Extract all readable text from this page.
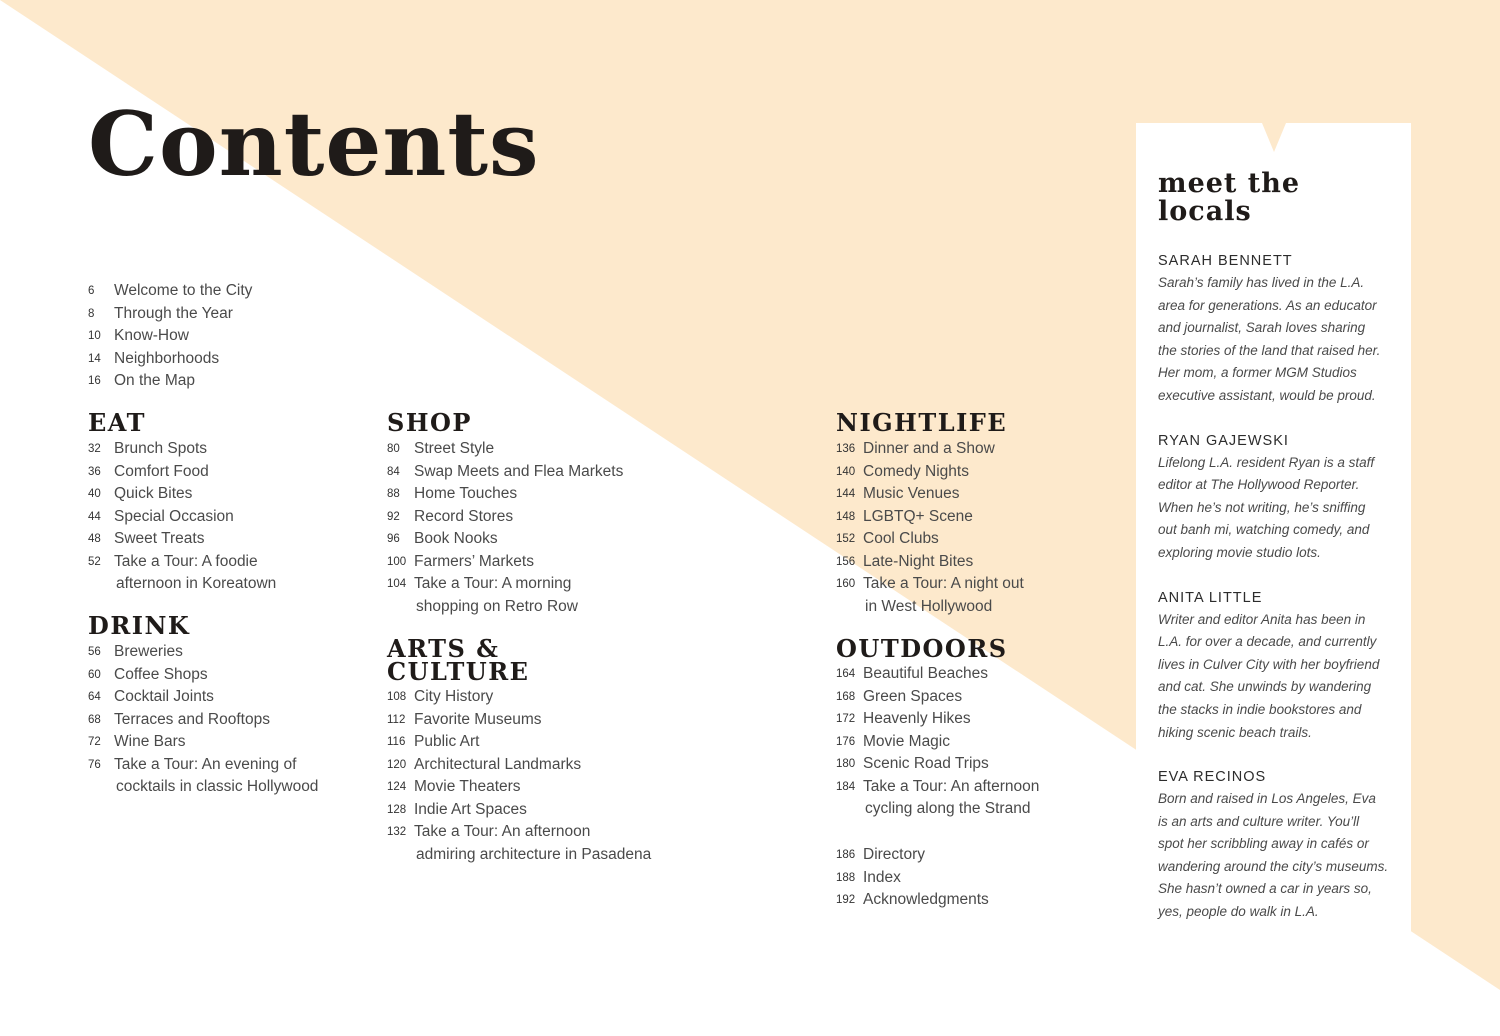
Contents
6 Welcome to the City
8 Through the Year
10 Know-How
14 Neighborhoods
16 On the Map
EAT
32 Brunch Spots
36 Comfort Food
40 Quick Bites
44 Special Occasion
48 Sweet Treats
52 Take a Tour: A foodie
afternoon in Koreatown
DRINK
56 Breweries
60 Coffee Shops
64 Cocktail Joints
68 Terraces and Rooftops
72 Wine Bars
76 Take a Tour: An evening of
cocktails in classic Hollywood
SHOP
80 Street Style
84 Swap Meets and Flea Markets
88 Home Touches
92 Record Stores
96 Book Nooks
100 Farmers’ Markets
104 Take a Tour: A morning
shopping on Retro Row
ARTS &
CULTURE
108 City History
112 Favorite Museums
116 Public Art
120 Architectural Landmarks
124 Movie Theaters
128 Indie Art Spaces
132 Take a Tour: An afternoon
admiring architecture in Pasadena
NIGHTLIFE
136 Dinner and a Show
140 Comedy Nights
144 Music Venues
148 LGBTQ+ Scene
152 Cool Clubs
156 Late-Night Bites
160 Take a Tour: A night out
in West Hollywood
OUTDOORS
164 Beautiful Beaches
168 Green Spaces
172 Heavenly Hikes
176 Movie Magic
180 Scenic Road Trips
184 Take a Tour: An afternoon
cycling along the Strand
186 Directory
188 Index
192 Acknowledgments
meet the
locals

SARAH BENNETT

Sarah’s family has lived in the L.A.
area for generations. As an educator
and journalist, Sarah loves sharing
the stories of the land that raised her.
Her mom, a former MGM Studios
executive assistant, would be proud.

RYAN GAJEWSKI

Lifelong L.A. resident Ryan is a staff
editor at The Hollywood Reporter.
When he’s not writing, he’s sniffing
out banh mi, watching comedy, and
exploring movie studio lots.

ANITA LITTLE

Writer and editor Anita has been in
L.A. for over a decade, and currently
lives in Culver City with her boyfriend
and cat. She unwinds by wandering
the stacks in indie bookstores and
hiking scenic beach trails.

EVA RECINOS

Born and raised in Los Angeles, Eva
is an arts and culture writer. You’ll
spot her scribbling away in cafés or
wandering around the city’s museums.
She hasn’t owned a car in years so,
yes, people do walk in L.A.
